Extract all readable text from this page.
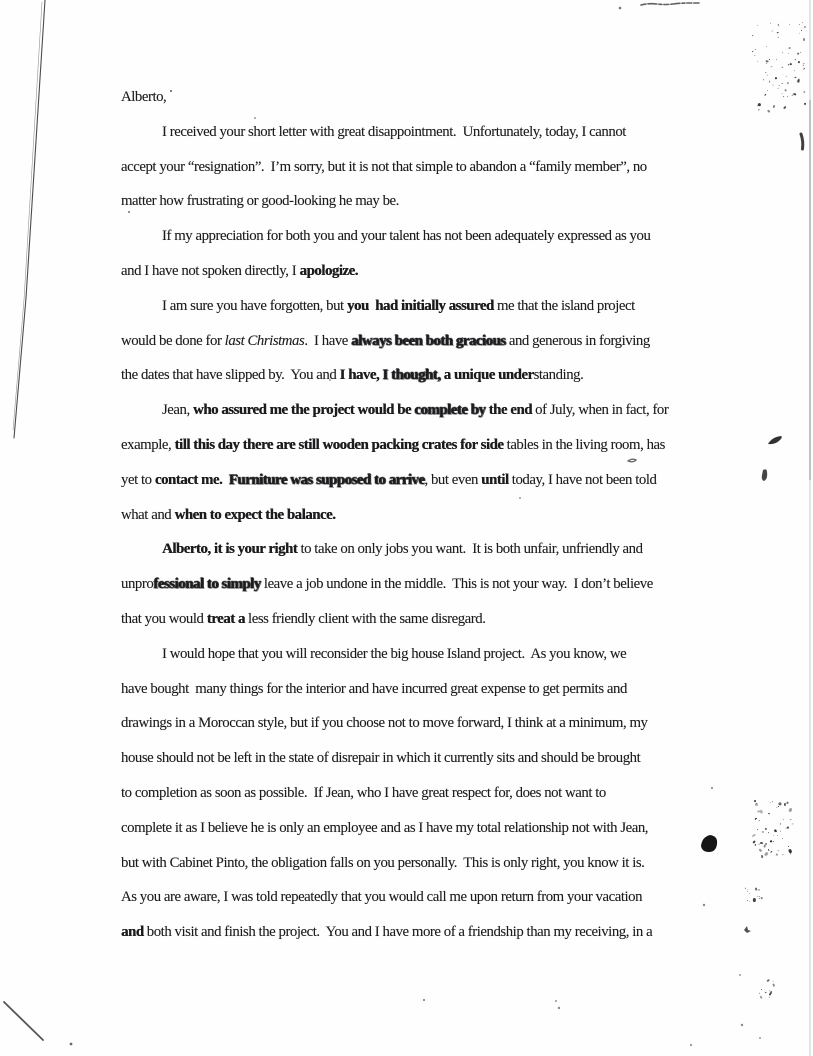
Alberto,
I received your short letter with great disappointment.  Unfortunately, today, I cannot
accept your “resignation”.  I’m sorry, but it is not that simple to abandon a “family member”, no
matter how frustrating or good-looking he may be.
If my appreciation for both you and your talent has not been adequately expressed as you
and I have not spoken directly, I apologize.
I am sure you have forgotten, but you  had initially assured me that the island project
would be done for last Christmas.  I have always been both gracious and generous in forgiving
the dates that have slipped by.  You and I have, I thought, a unique understanding.
Jean, who assured me the project would be complete by the end of July, when in fact, for
example, till this day there are still wooden packing crates for side tables in the living room, has
yet to contact me.  Furniture was supposed to arrive, but even until today, I have not been told
what and when to expect the balance.
Alberto, it is your right to take on only jobs you want.  It is both unfair, unfriendly and
unprofessional to simply leave a job undone in the middle.  This is not your way.  I don’t believe
that you would treat a less friendly client with the same disregard.
I would hope that you will reconsider the big house Island project.  As you know, we
have bought  many things for the interior and have incurred great expense to get permits and
drawings in a Moroccan style, but if you choose not to move forward, I think at a minimum, my
house should not be left in the state of disrepair in which it currently sits and should be brought
to completion as soon as possible.  If Jean, who I have great respect for, does not want to
complete it as I believe he is only an employee and as I have my total relationship not with Jean,
but with Cabinet Pinto, the obligation falls on you personally.  This is only right, you know it is.
As you are aware, I was told repeatedly that you would call me upon return from your vacation
and both visit and finish the project.  You and I have more of a friendship than my receiving, in a
